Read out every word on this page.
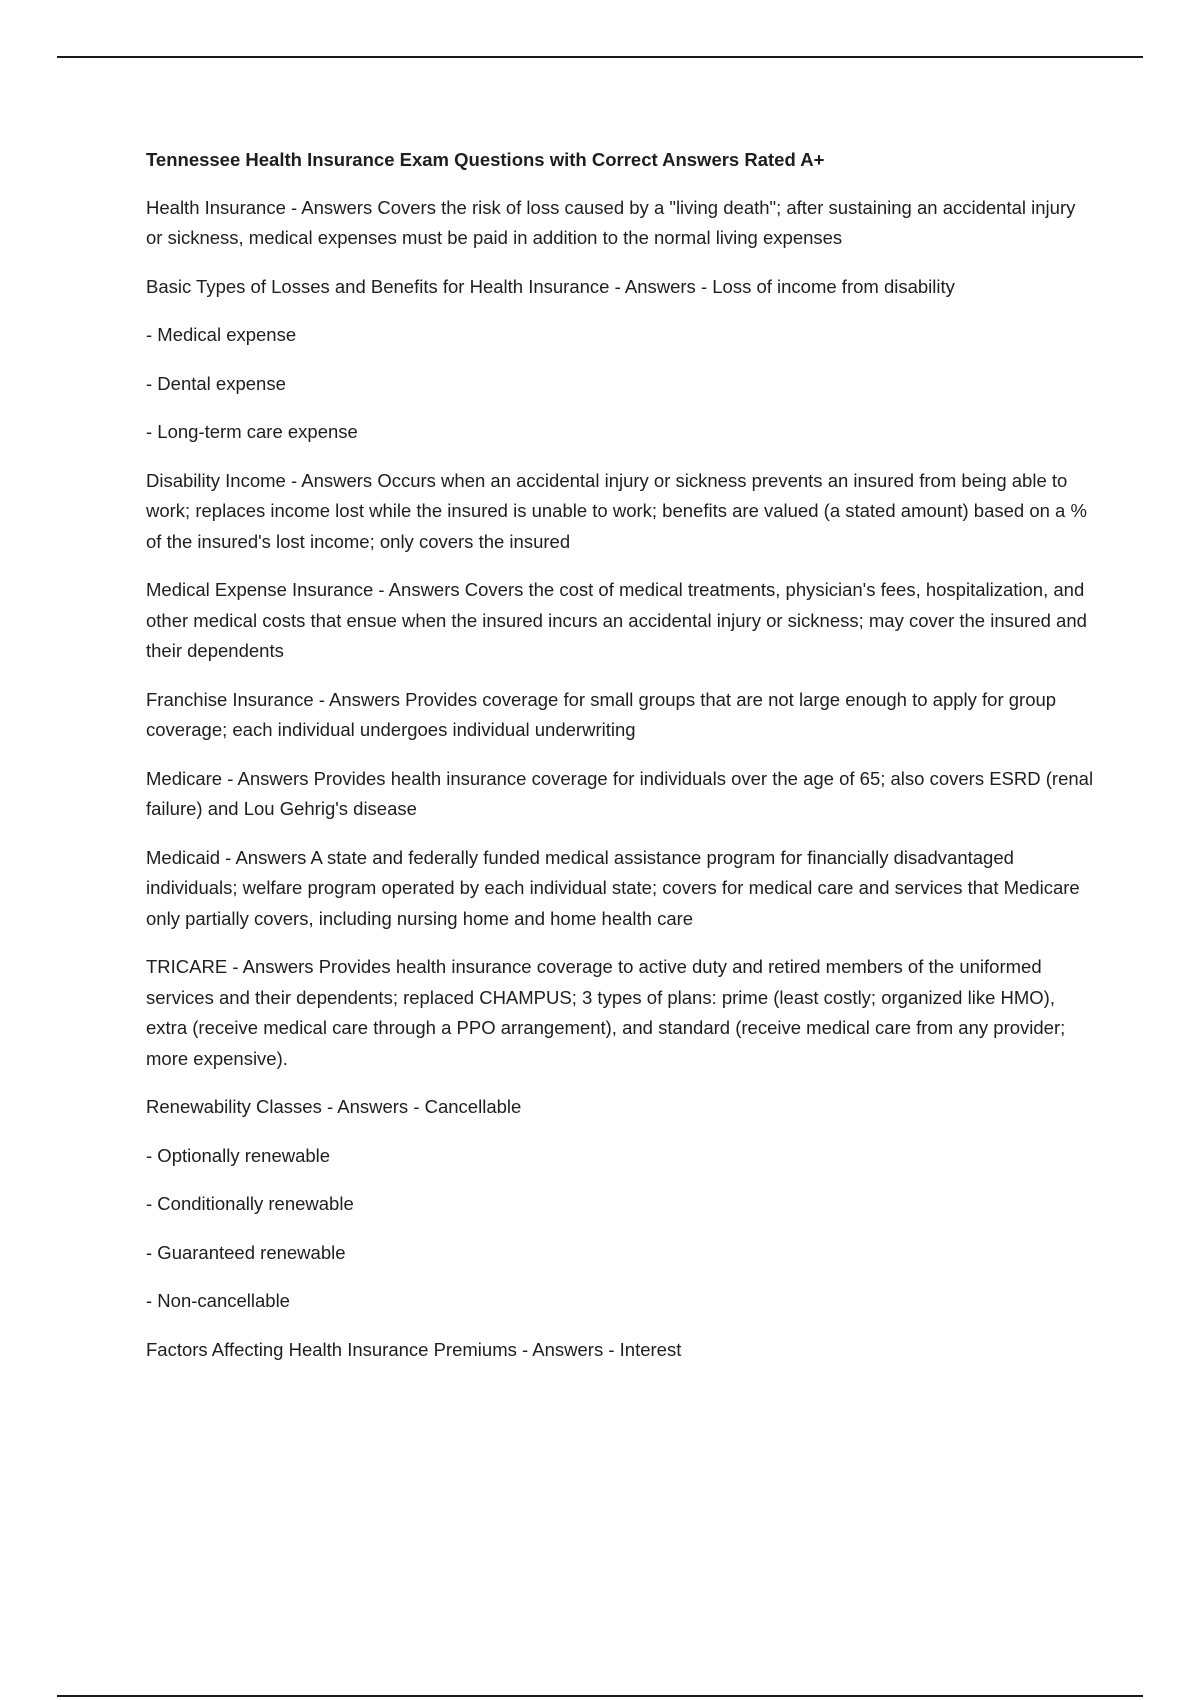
Tennessee Health Insurance Exam Questions with Correct Answers Rated A+

Health Insurance - Answers Covers the risk of loss caused by a "living death"; after sustaining an accidental injury or sickness, medical expenses must be paid in addition to the normal living expenses

Basic Types of Losses and Benefits for Health Insurance - Answers - Loss of income from disability

- Medical expense

- Dental expense

- Long-term care expense

Disability Income - Answers Occurs when an accidental injury or sickness prevents an insured from being able to work; replaces income lost while the insured is unable to work; benefits are valued (a stated amount) based on a % of the insured's lost income; only covers the insured

Medical Expense Insurance - Answers Covers the cost of medical treatments, physician's fees, hospitalization, and other medical costs that ensue when the insured incurs an accidental injury or sickness; may cover the insured and their dependents

Franchise Insurance - Answers Provides coverage for small groups that are not large enough to apply for group coverage; each individual undergoes individual underwriting

Medicare - Answers Provides health insurance coverage for individuals over the age of 65; also covers ESRD (renal failure) and Lou Gehrig's disease

Medicaid - Answers A state and federally funded medical assistance program for financially disadvantaged individuals; welfare program operated by each individual state; covers for medical care and services that Medicare only partially covers, including nursing home and home health care

TRICARE - Answers Provides health insurance coverage to active duty and retired members of the uniformed services and their dependents; replaced CHAMPUS; 3 types of plans: prime (least costly; organized like HMO), extra (receive medical care through a PPO arrangement), and standard (receive medical care from any provider; more expensive).

Renewability Classes - Answers - Cancellable

- Optionally renewable

- Conditionally renewable

- Guaranteed renewable

- Non-cancellable

Factors Affecting Health Insurance Premiums - Answers - Interest
